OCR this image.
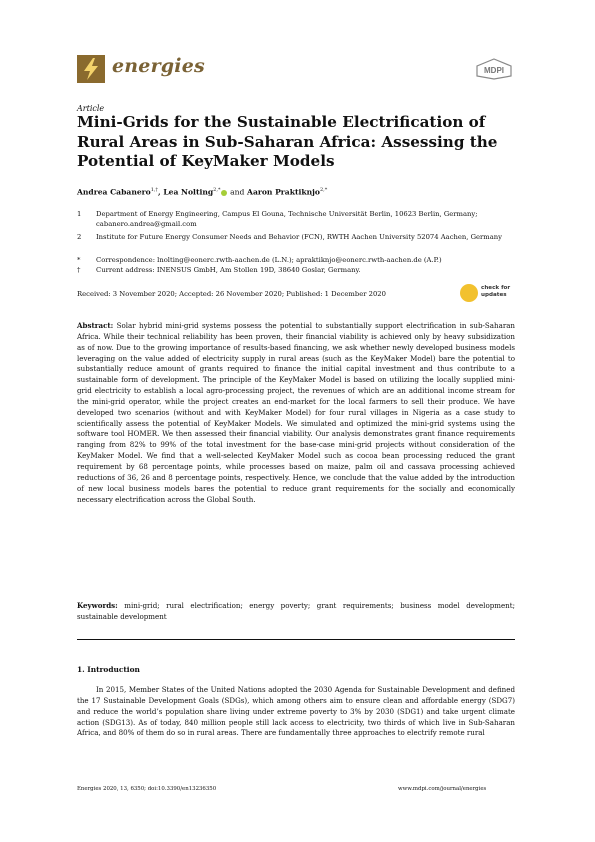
energies	MDPI
Article
Mini-Grids for the Sustainable Electrification of Rural Areas in Sub-Saharan Africa: Assessing the Potential of KeyMaker Models
Andrea Cabanero$^{1,\dagger}$, Lea Nolting$^{2,*}$ and Aaron Praktiknjo$^{2,*}$
1	Department of Energy Engineering, Campus El Gouna, Technische Universität Berlin, 10623 Berlin, Germany; cabanero.andrea@gmail.com
2	Institute for Future Energy Consumer Needs and Behavior (FCN), RWTH Aachen University 52074 Aachen, Germany
*	Correspondence: lnolting@eonerc.rwth-aachen.de (L.N.); apraktiknjo@eonerc.rwth-aachen.de (A.P.)
†	Current address: INENSUS GmbH, Am Stollen 19D, 38640 Goslar, Germany.
check for updates
Received: 3 November 2020; Accepted: 26 November 2020; Published: 1 December 2020
Abstract: Solar hybrid mini-grid systems possess the potential to substantially support electrification in sub-Saharan Africa. While their technical reliability has been proven, their financial viability is achieved only by heavy subsidization as of now. Due to the growing importance of results-based financing, we ask whether newly developed business models leveraging on the value added of electricity supply in rural areas (such as the KeyMaker Model) bare the potential to substantially reduce amount of grants required to finance the initial capital investment and thus contribute to a sustainable form of development. The principle of the KeyMaker Model is based on utilizing the locally supplied mini-grid electricity to establish a local agro-processing project, the revenues of which are an additional income stream for the mini-grid operator, while the project creates an end-market for the local farmers to sell their produce. We have developed two scenarios (without and with KeyMaker Model) for four rural villages in Nigeria as a case study to scientifically assess the potential of KeyMaker Models. We simulated and optimized the mini-grid systems using the software tool HOMER. We then assessed their financial viability. Our analysis demonstrates grant finance requirements ranging from 82% to 99% of the total investment for the base-case mini-grid projects without consideration of the KeyMaker Model. We find that a well-selected KeyMaker Model such as cocoa bean processing reduced the grant requirement by 68 percentage points, while processes based on maize, palm oil and cassava processing achieved reductions of 36, 26 and 8 percentage points, respectively. Hence, we conclude that the value added by the introduction of new local business models bares the potential to reduce grant requirements for the socially and economically necessary electrification across the Global South.
Keywords: mini-grid; rural electrification; energy poverty; grant requirements; business model development; sustainable development
1. Introduction
In 2015, Member States of the United Nations adopted the 2030 Agenda for Sustainable Development and defined the 17 Sustainable Development Goals (SDGs), which among others aim to ensure clean and affordable energy (SDG7) and reduce the world’s population share living under extreme poverty to 3% by 2030 (SDG1) and take urgent climate action (SDG13). As of today, 840 million people still lack access to electricity, two thirds of which live in Sub-Saharan Africa, and 80% of them do so in rural areas. There are fundamentally three approaches to electrify remote rural
Energies 2020, 13, 6350; doi:10.3390/en13236350	www.mdpi.com/journal/energies
